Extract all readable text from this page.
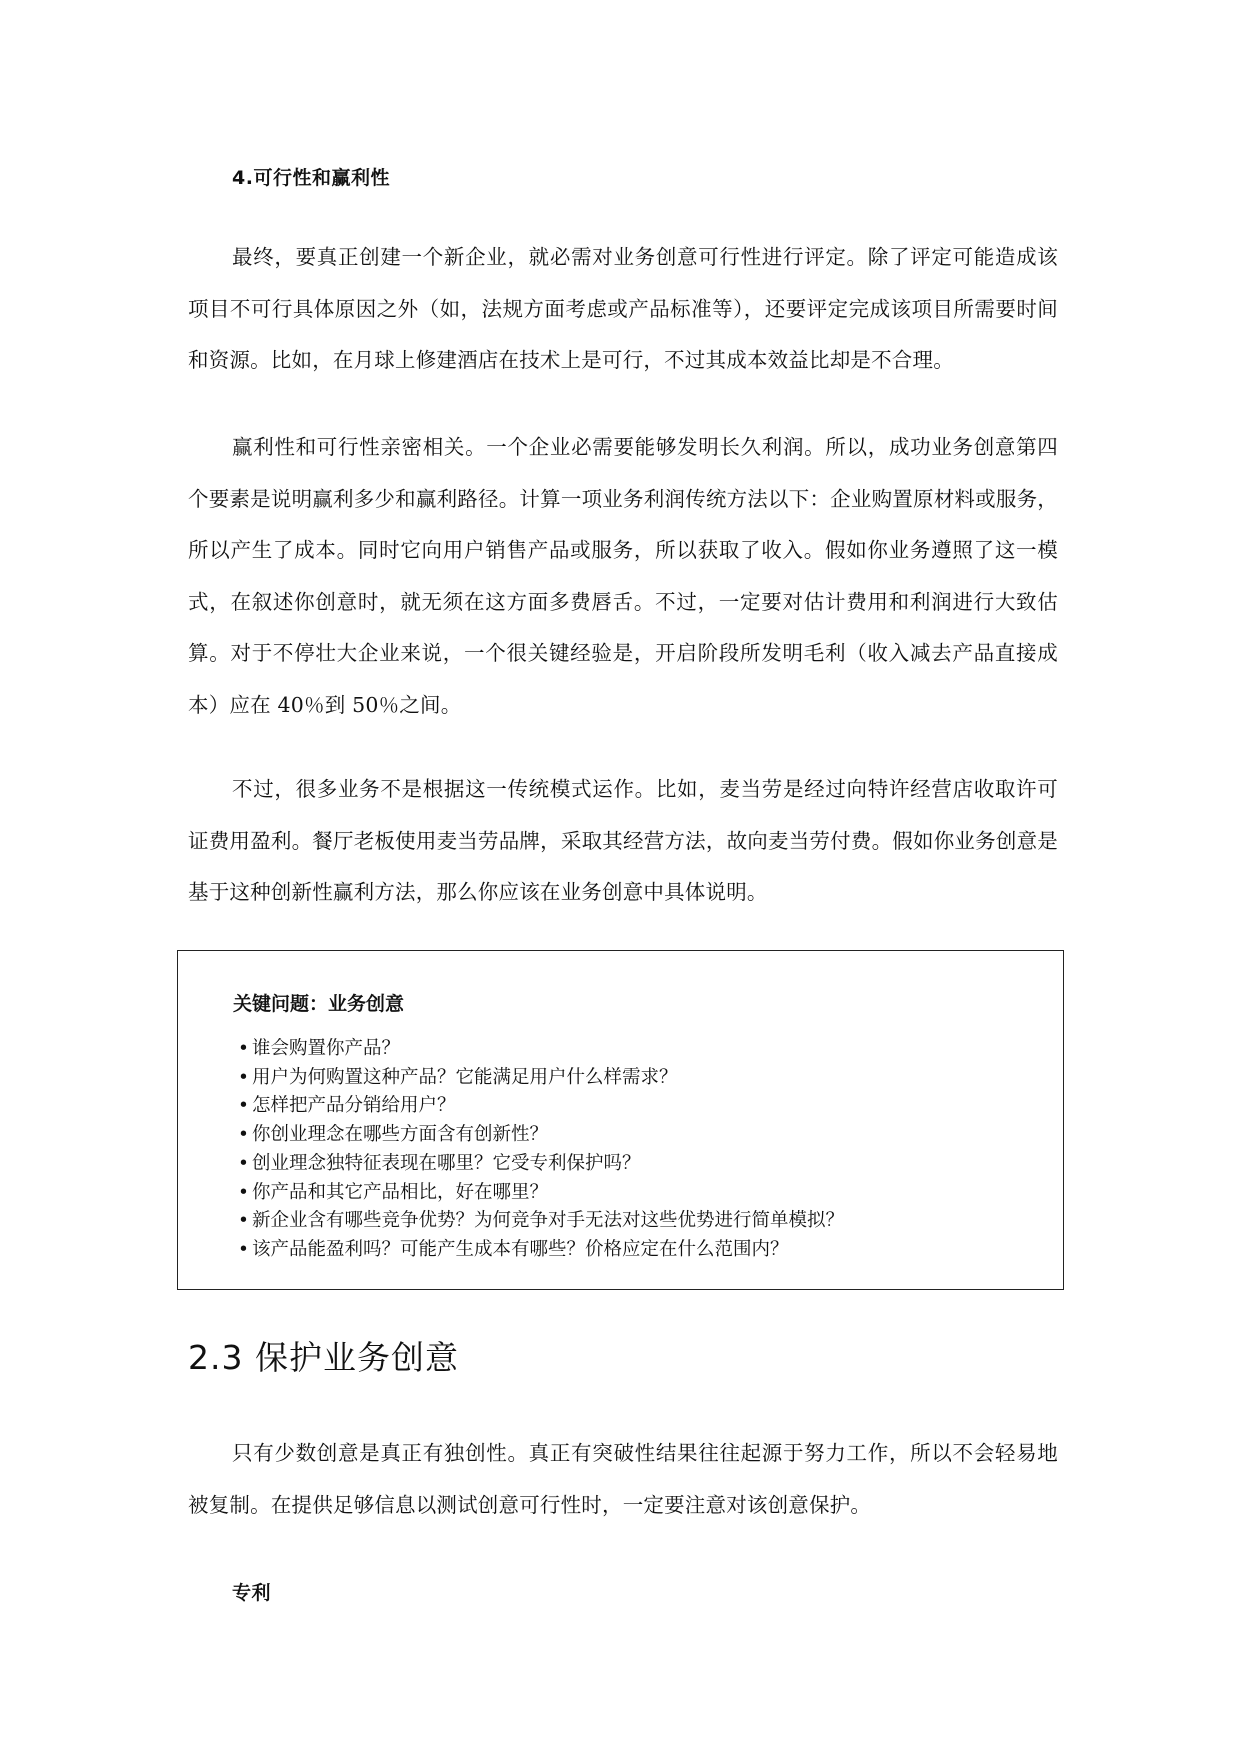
4.可行性和赢利性

最终，要真正创建一个新企业，就必需对业务创意可行性进行评定。除了评定可能造成该项目不可行具体原因之外（如，法规方面考虑或产品标准等），还要评定完成该项目所需要时间和资源。比如，在月球上修建酒店在技术上是可行，不过其成本效益比却是不合理。

赢利性和可行性亲密相关。一个企业必需要能够发明长久利润。所以，成功业务创意第四个要素是说明赢利多少和赢利路径。计算一项业务利润传统方法以下：企业购置原材料或服务，所以产生了成本。同时它向用户销售产品或服务，所以获取了收入。假如你业务遵照了这一模式，在叙述你创意时，就无须在这方面多费唇舌。不过，一定要对估计费用和利润进行大致估算。对于不停壮大企业来说，一个很关键经验是，开启阶段所发明毛利（收入减去产品直接成本）应在 40％到 50％之间。

不过，很多业务不是根据这一传统模式运作。比如，麦当劳是经过向特许经营店收取许可证费用盈利。餐厅老板使用麦当劳品牌，采取其经营方法，故向麦当劳付费。假如你业务创意是基于这种创新性赢利方法，那么你应该在业务创意中具体说明。

关键问题：业务创意
• 谁会购置你产品？
• 用户为何购置这种产品？它能满足用户什么样需求？
• 怎样把产品分销给用户？
• 你创业理念在哪些方面含有创新性？
• 创业理念独特征表现在哪里？它受专利保护吗？
• 你产品和其它产品相比，好在哪里？
• 新企业含有哪些竞争优势？为何竞争对手无法对这些优势进行简单模拟？
• 该产品能盈利吗？可能产生成本有哪些？价格应定在什么范围内？
2.3 保护业务创意

只有少数创意是真正有独创性。真正有突破性结果往往起源于努力工作，所以不会轻易地被复制。在提供足够信息以测试创意可行性时，一定要注意对该创意保护。

专利
